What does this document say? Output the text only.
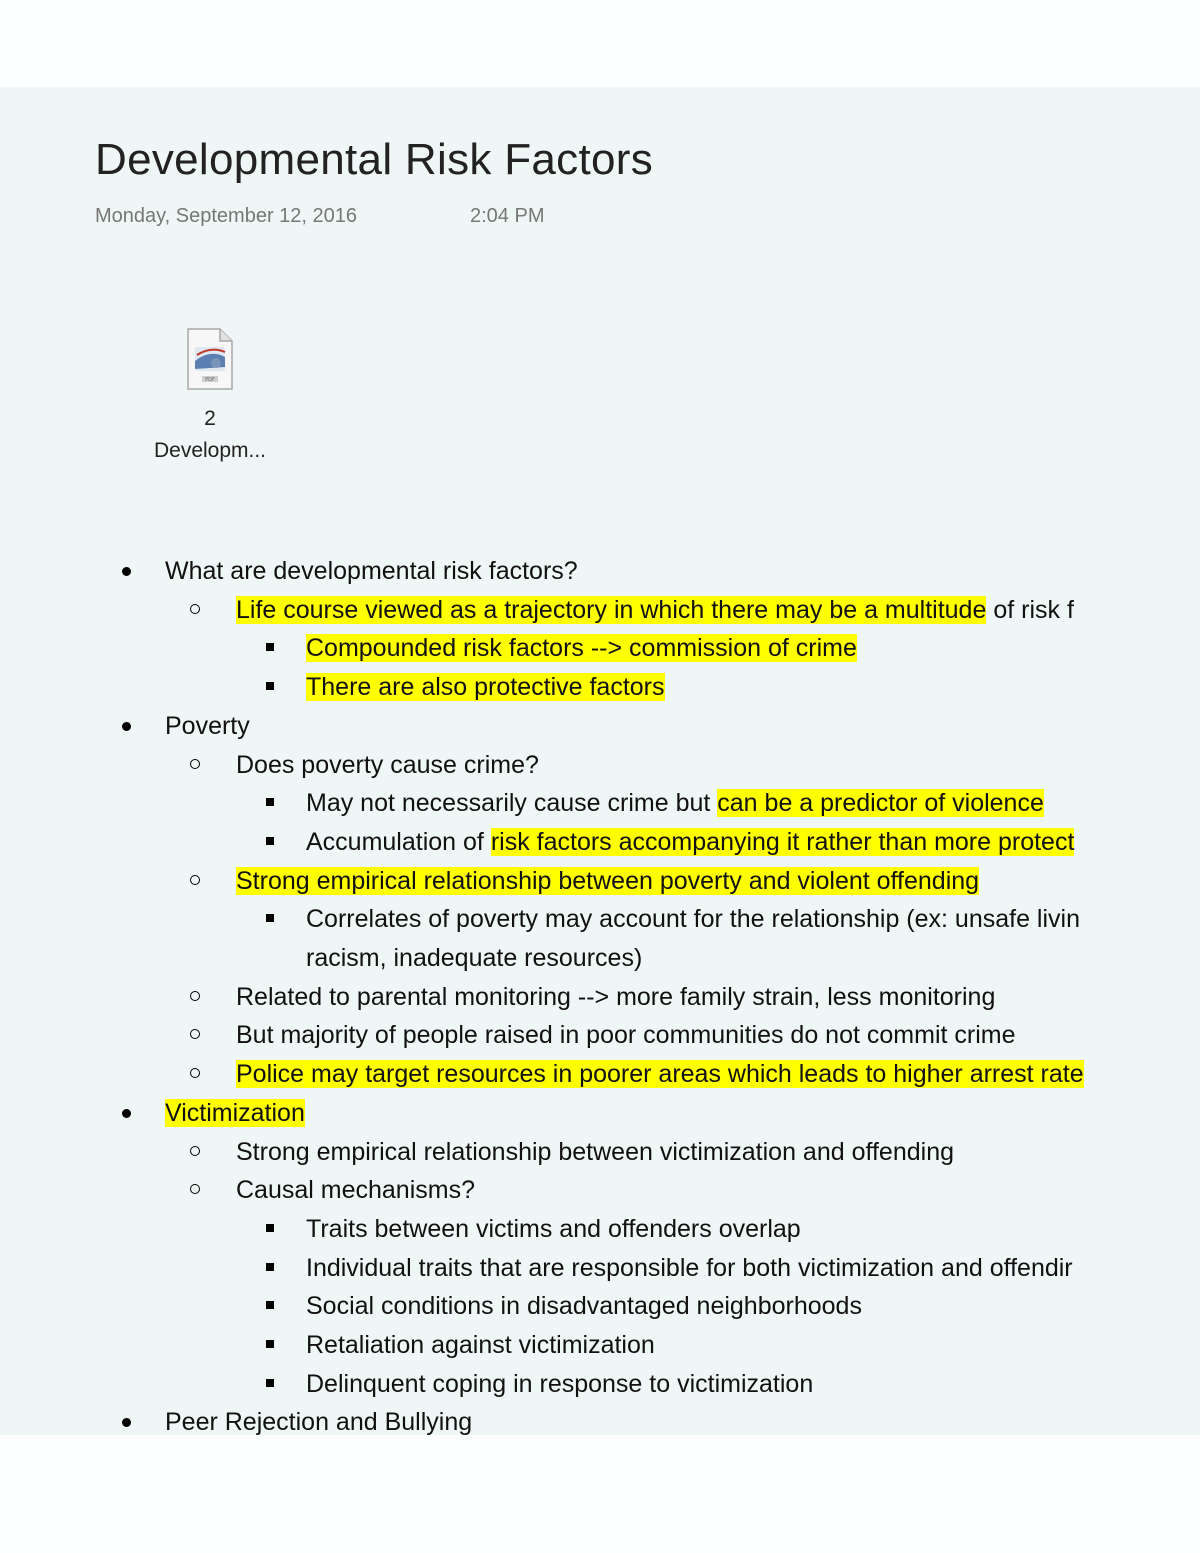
Developmental Risk Factors
Monday, September 12, 2016	2:04 PM
PDF
2
Developm...
What are developmental risk factors?
Life course viewed as a trajectory in which there may be a multitude of risk f
Compounded risk factors --> commission of crime
There are also protective factors
Poverty
Does poverty cause crime?
May not necessarily cause crime but can be a predictor of violence
Accumulation of risk factors accompanying it rather than more protect
Strong empirical relationship between poverty and violent offending
Correlates of poverty may account for the relationship (ex: unsafe livin
racism, inadequate resources)
Related to parental monitoring --> more family strain, less monitoring
But majority of people raised in poor communities do not commit crime
Police may target resources in poorer areas which leads to higher arrest rate
Victimization
Strong empirical relationship between victimization and offending
Causal mechanisms?
Traits between victims and offenders overlap
Individual traits that are responsible for both victimization and offendir
Social conditions in disadvantaged neighborhoods
Retaliation against victimization
Delinquent coping in response to victimization
Peer Rejection and Bullying
